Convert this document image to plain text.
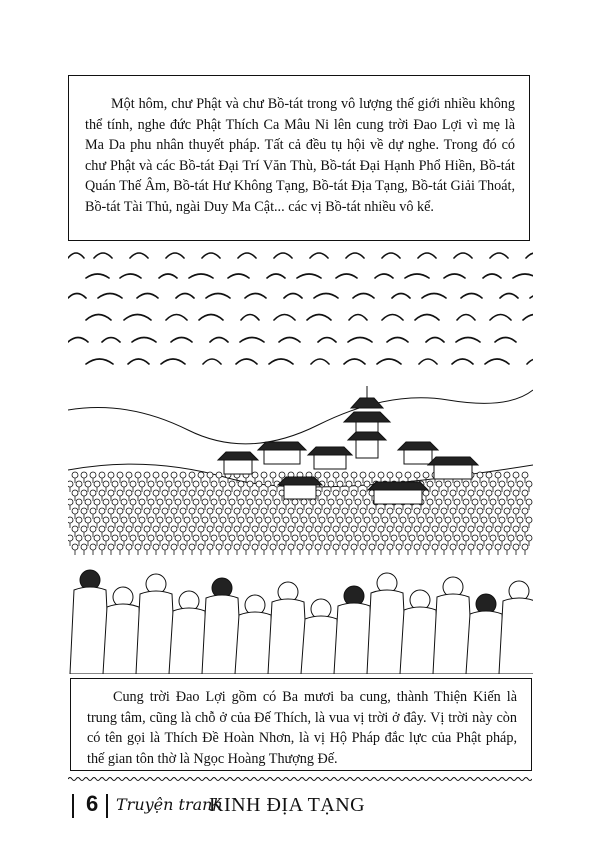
Một hôm, chư Phật và chư Bồ-tát trong vô lượng thế giới nhiều không thể tính, nghe đức Phật Thích Ca Mâu Ni lên cung trời Đao Lợi vì mẹ là Ma Da phu nhân thuyết pháp. Tất cả đều tụ hội về dự nghe. Trong đó có chư Phật và các Bồ-tát Đại Trí Văn Thù, Bồ-tát Đại Hạnh Phổ Hiền, Bồ-tát Quán Thế Âm, Bồ-tát Hư Không Tạng, Bồ-tát Địa Tạng, Bồ-tát Giải Thoát, Bồ-tát Tài Thủ, ngài Duy Ma Cật... các vị Bồ-tát nhiều vô kể.

Cung trời Đao Lợi gồm có Ba mươi ba cung, thành Thiện Kiến là trung tâm, cũng là chỗ ở của Đế Thích, là vua vị trời ở đây. Vị trời này còn có tên gọi là Thích Đề Hoàn Nhơn, là vị Hộ Pháp đắc lực của Phật pháp, thế gian tôn thờ là Ngọc Hoàng Thượng Đế.

6 Truyện tranh
KINH ĐỊA TẠNG
